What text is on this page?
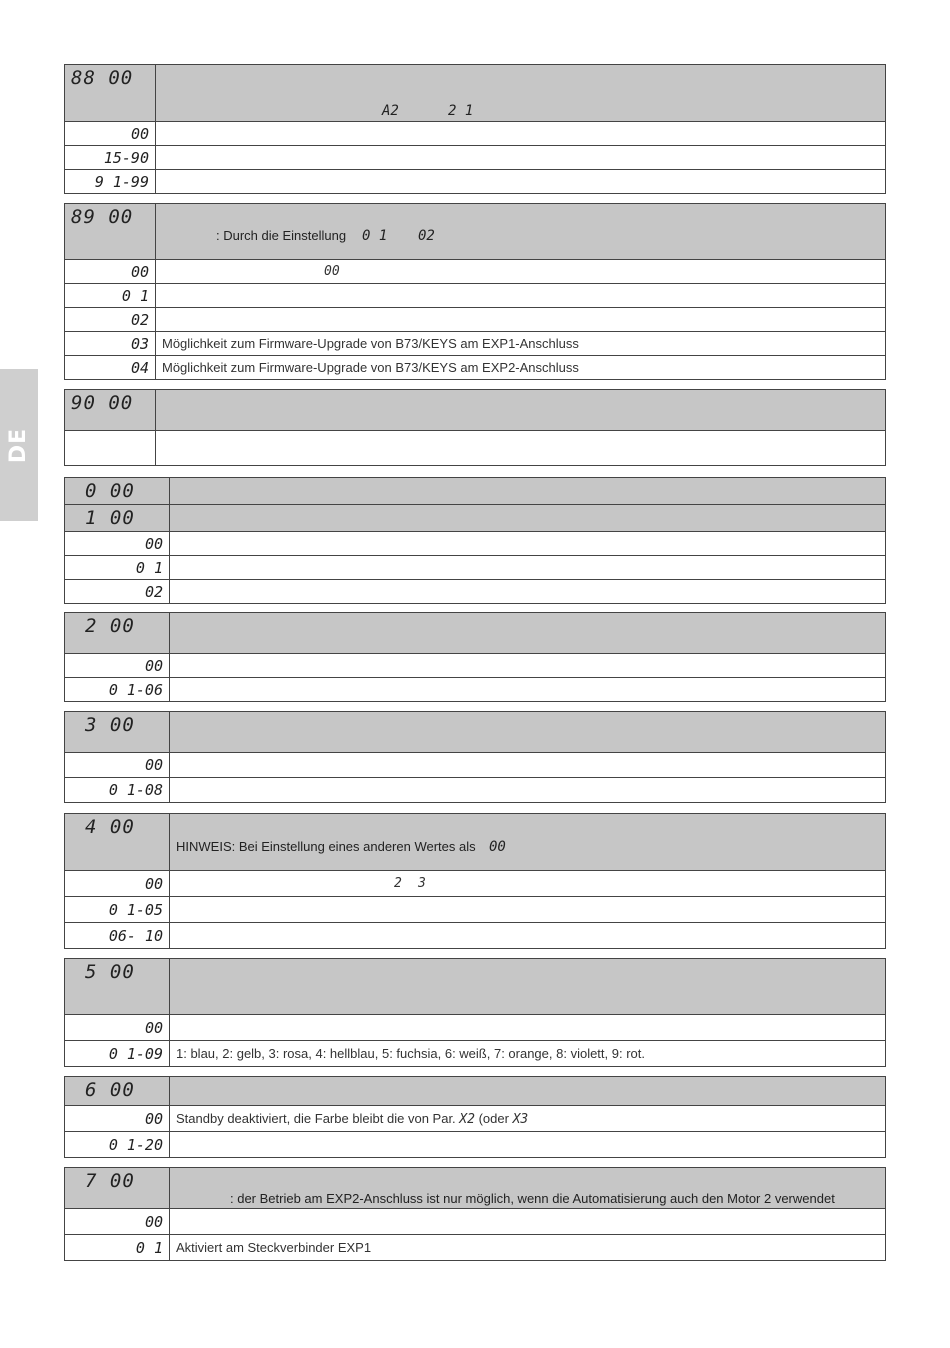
DE
88 00	A2 2 1

00	
15-90	
9 1-99	
89 00	: Durch die Einstellung 0 1 02

00	00

0 1	
02	
03	Möglichkeit zum Firmware-Upgrade von B73/KEYS am EXP1-Anschluss
04	Möglichkeit zum Firmware-Upgrade von B73/KEYS am EXP2-Anschluss
90 00	

0 00	
1 00	
00	
0 1	
02	
2 00	
00	
0 1-06	
3 00	
00	
0 1-08	
4 00	HINWEIS: Bei Einstellung eines anderen Wertes als 00

00	2 3

0 1-05	
06- 10	
5 00	
00	
0 1-09	1: blau, 2: gelb, 3: rosa, 4: hellblau, 5: fuchsia, 6: weiß, 7: orange, 8: violett, 9: rot.
6 00	
00	Standby deaktiviert, die Farbe bleibt die von Par. X2 (oder X3
0 1-20	
7 00	: der Betrieb am EXP2-Anschluss ist nur möglich, wenn die Automatisierung auch den Motor 2 verwendet

00	
0 1	Aktiviert am Steckverbinder EXP1
